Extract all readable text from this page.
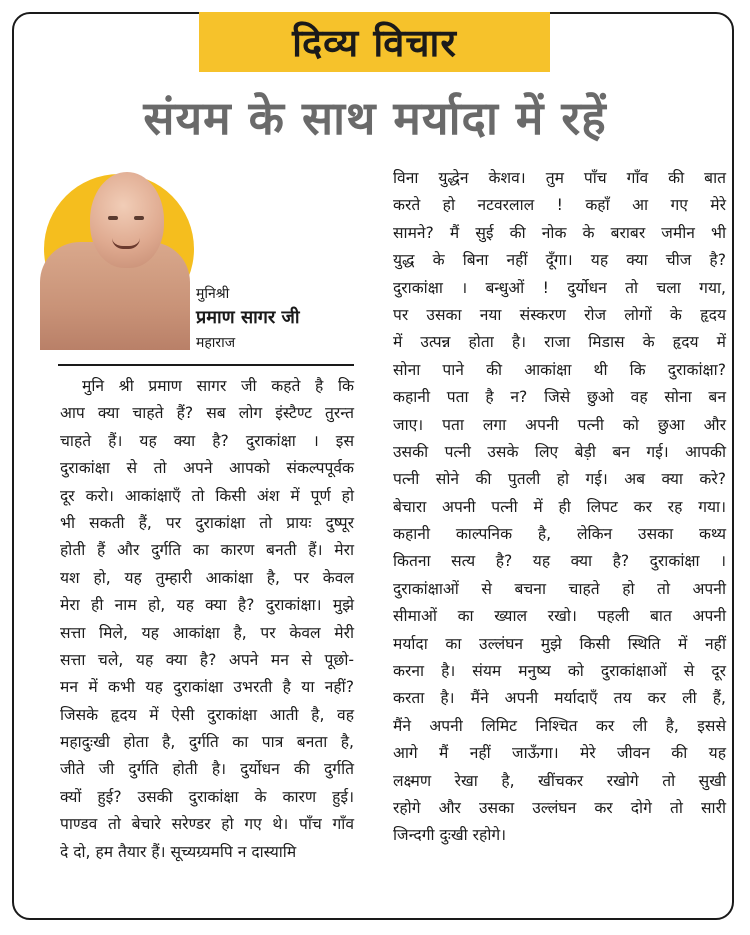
दिव्य विचार
संयम के साथ मर्यादा में रहें
मुनिश्री
प्रमाण सागर जी
महाराज
मुनि श्री प्रमाण सागर जी कहते है कि
आप क्या चाहते हैं? सब लोग इंस्टैण्ट तुरन्त
चाहते हैं। यह क्या है? दुराकांक्षा । इस
दुराकांक्षा से तो अपने आपको संकल्पपूर्वक
दूर करो। आकांक्षाएँ तो किसी अंश में पूर्ण हो
भी सकती हैं, पर दुराकांक्षा तो प्रायः दुष्पूर
होती हैं और दुर्गति का कारण बनती हैं। मेरा
यश हो, यह तुम्हारी आकांक्षा है, पर केवल
मेरा ही नाम हो, यह क्या है? दुराकांक्षा। मुझे
सत्ता मिले, यह आकांक्षा है, पर केवल मेरी
सत्ता चले, यह क्या है? अपने मन से पूछो-
मन में कभी यह दुराकांक्षा उभरती है या नहीं?
जिसके हृदय में ऐसी दुराकांक्षा आती है, वह
महादुःखी होता है, दुर्गति का पात्र बनता है,
जीते जी दुर्गति होती है। दुर्योधन की दुर्गति
क्यों हुई? उसकी दुराकांक्षा के कारण हुई।
पाण्डव तो बेचारे सरेण्डर हो गए थे। पाँच गाँव
दे दो, हम तैयार हैं। सूच्यग्र्यमपि न दास्यामि
विना युद्धेन केशव। तुम पाँच गाँव की बात
करते हो नटवरलाल ! कहाँ आ गए मेरे
सामने? मैं सुई की नोक के बराबर जमीन भी
युद्ध के बिना नहीं दूँगा। यह क्या चीज है?
दुराकांक्षा । बन्धुओं ! दुर्योधन तो चला गया,
पर उसका नया संस्करण रोज लोगों के हृदय
में उत्पन्न होता है। राजा मिडास के हृदय में
सोना पाने की आकांक्षा थी कि दुराकांक्षा?
कहानी पता है न? जिसे छुओ वह सोना बन
जाए। पता लगा अपनी पत्नी को छुआ और
उसकी पत्नी उसके लिए बेड़ी बन गई। आपकी
पत्नी सोने की पुतली हो गई। अब क्या करे?
बेचारा अपनी पत्नी में ही लिपट कर रह गया।
कहानी काल्पनिक है, लेकिन उसका कथ्य
कितना सत्य है? यह क्या है? दुराकांक्षा ।
दुराकांक्षाओं से बचना चाहते हो तो अपनी
सीमाओं का ख्याल रखो। पहली बात अपनी
मर्यादा का उल्लंघन मुझे किसी स्थिति में नहीं
करना है। संयम मनुष्य को दुराकांक्षाओं से दूर
करता है। मैंने अपनी मर्यादाएँ तय कर ली हैं,
मैंने अपनी लिमिट निश्चित कर ली है, इससे
आगे मैं नहीं जाऊँगा। मेरे जीवन की यह
लक्ष्मण रेखा है, खींचकर रखोगे तो सुखी
रहोगे और उसका उल्लंघन कर दोगे तो सारी
जिन्दगी दुःखी रहोगे।
